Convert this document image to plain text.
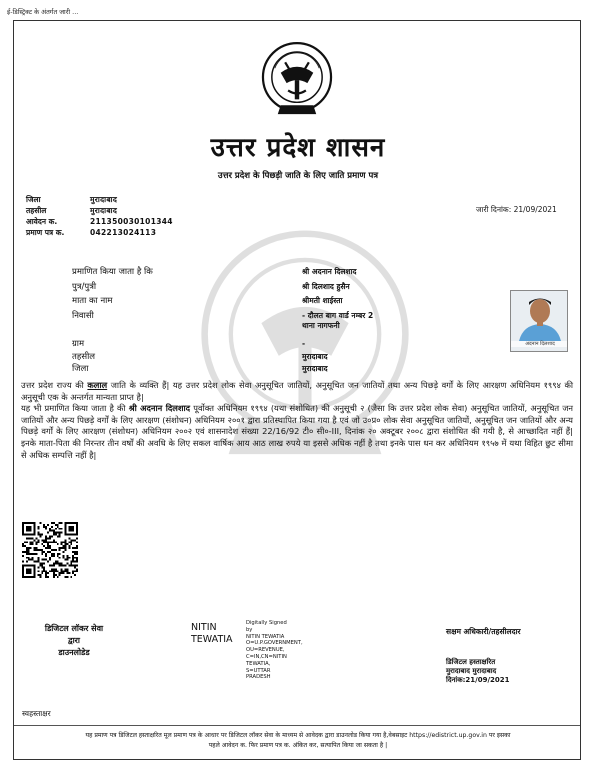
ई-डिस्ट्रिक्ट के अंतर्गत जारी ...
उत्तर प्रदेश शासन
उत्तर प्रदेश के पिछड़ी जाति के लिए जाति प्रमाण पत्र
जिला	मुरादाबाद
तहसील	मुरादाबाद
आवेदन क.	211350030101344
प्रमाण पत्र क.	042213024113
जारी दिनांक: 21/09/2021
प्रमाणित किया जाता है कि	श्री अदनान दिलशाद
पुत्र/पुत्री	श्री दिलशाद हुसैन
माता का नाम	श्रीमती शाईस्ता
निवासी	- दौलत बाग वार्ड नम्बर 2
थाना नागफनी
ग्राम	-
तहसील	मुरादाबाद
जिला	मुरादाबाद
अदनान दिलशाद

उत्तर प्रदेश राज्य की कलाल जाति के व्यक्ति हैं| यह उत्तर प्रदेश लोक सेवा अनुसूचित जातियों, अनुसूचित जन जातियों तथा अन्य पिछड़े वर्गों के लिए आरक्षण अधिनियम १९९४ की अनुसूची एक के अन्तर्गत मान्यता प्राप्त है|

यह भी प्रमाणित किया जाता है की श्री अदनान दिलशाद पूर्वोक्त अधिनियम १९९४ (यथा संशोधित) की अनुसूची २ (जैसा कि उत्तर प्रदेश लोक सेवा) अनुसूचित जातियों, अनुसूचित जन जातियों और अन्य पिछड़े वर्गों के लिए आरक्षण (संशोधन) अधिनियम २००१ द्वारा प्रतिस्थापित किया गया है एवं जो उ०प्र० लोक सेवा अनुसूचित जातियों, अनुसूचित जन जातियों और अन्य पिछड़े वर्गों के लिए आरक्षण (संशोधन) अधिनियम २००२ एवं शासनादेश संख्या 22/16/92 टी० सी०-III, दिनांक २० अक्टूबर २००८ द्वारा संशोधित की गयी है, से आच्छादित नहीं हैं| इनके माता-पिता की निरन्तर तीन वर्षों की अवधि के लिए सकल वार्षिक आय आठ लाख रुपये या इससे अधिक नहीं है तथा इनके पास धन कर अधिनियम १९५७ में यथा विहित छुट सीमा से अधिक सम्पत्ति नहीं है|

डिजिटल लॉकर सेवा
द्वारा
डाउनलोडेड
NITIN
TEWATIA
Digitally Signed
by
NITIN TEWATIA
O=U.P.GOVERNMENT,
OU=REVENUE,
C=IN,CN=NITIN
TEWATIA,
S=UTTAR
PRADESH
सक्षम अधिकारी/तहसीलदार
डिजिटल हस्ताक्षरित
मुरादाबाद मुरादाबाद
दिनांक:21/09/2021
स्वहस्ताक्षर
यह प्रमाण पत्र डिजिटल हस्ताक्षरित मूल प्रमाण पत्र के आधार पर डिजिटल लॉकर सेवा के माध्यम से आवेदक द्वारा डाउनलोड किया गया है,वेबसाइट https://edistrict.up.gov.in पर इसका
पहले आवेदन क. फिर प्रमाण पत्र क. अंकित कर, सत्यापित किया जा सकता है |
